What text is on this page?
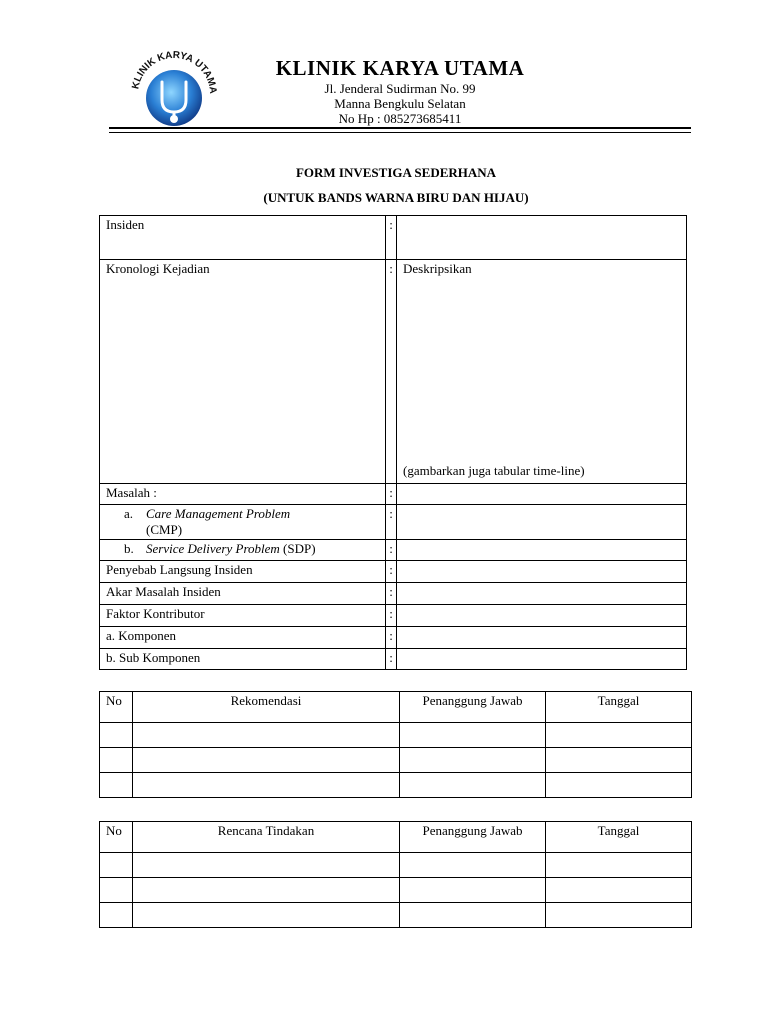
KLINIK KARYA UTAMA
KLINIK KARYA UTAMA
Jl. Jenderal Sudirman No. 99
Manna Bengkulu Selatan
No Hp : 085273685411
FORM INVESTIGA SEDERHANA
(UNTUK BANDS WARNA BIRU DAN HIJAU)
Insiden	:	
Kronologi Kejadian	:	Deskripsikan
(gambarkan juga tabular time-line)

Masalah :	:	
a. Care Management Problem
(CMP)	:	
b. Service Delivery Problem (SDP)	:	
Penyebab Langsung Insiden	:	
Akar Masalah Insiden	:	
Faktor Kontributor	:	
a. Komponen	:	
b. Sub Komponen	:	
No	Rekomendasi	Penanggung Jawab	Tanggal

No	Rencana Tindakan	Penanggung Jawab	Tanggal
